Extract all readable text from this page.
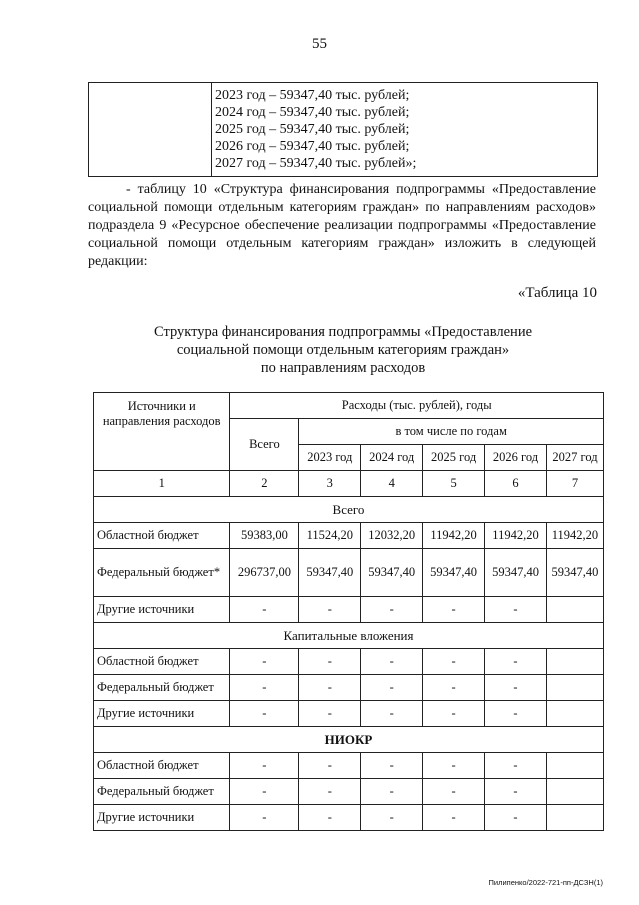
55

2023 год – 59347,40 тыс. рублей;
2024 год – 59347,40 тыс. рублей;
2025 год – 59347,40 тыс. рублей;
2026 год – 59347,40 тыс. рублей;
2027 год – 59347,40 тыс. рублей»;
- таблицу 10 «Структура финансирования подпрограммы «Предоставление социальной помощи отдельным категориям граждан» по направлениям расходов» подраздела 9 «Ресурсное обеспечение реализации подпрограммы «Предоставление социальной помощи отдельным категориям граждан» изложить в следующей редакции:
«Таблица 10
Структура финансирования подпрограммы «Предоставление
социальной помощи отдельным категориям граждан»
по направлениям расходов
Источники и направления расходов	Расходы (тыс. рублей), годы					
	Всего	в том числе по годам				
		2023 год	2024 год	2025 год	2026 год	2027 год
1	2	3	4	5	6	7
Всего						
Областной бюджет	59383,00	11524,20	12032,20	11942,20	11942,20	11942,20
Федеральный бюджет*	296737,00	59347,40	59347,40	59347,40	59347,40	59347,40
Другие источники	-	-	-	-	-	
Капитальные вложения						
Областной бюджет	-	-	-	-	-	
Федеральный бюджет	-	-	-	-	-	
Другие источники	-	-	-	-	-	
НИОКР						
Областной бюджет	-	-	-	-	-	
Федеральный бюджет	-	-	-	-	-	
Другие источники	-	-	-	-	-	
Пилипенко/2022-721-пп-ДСЗН(1)
